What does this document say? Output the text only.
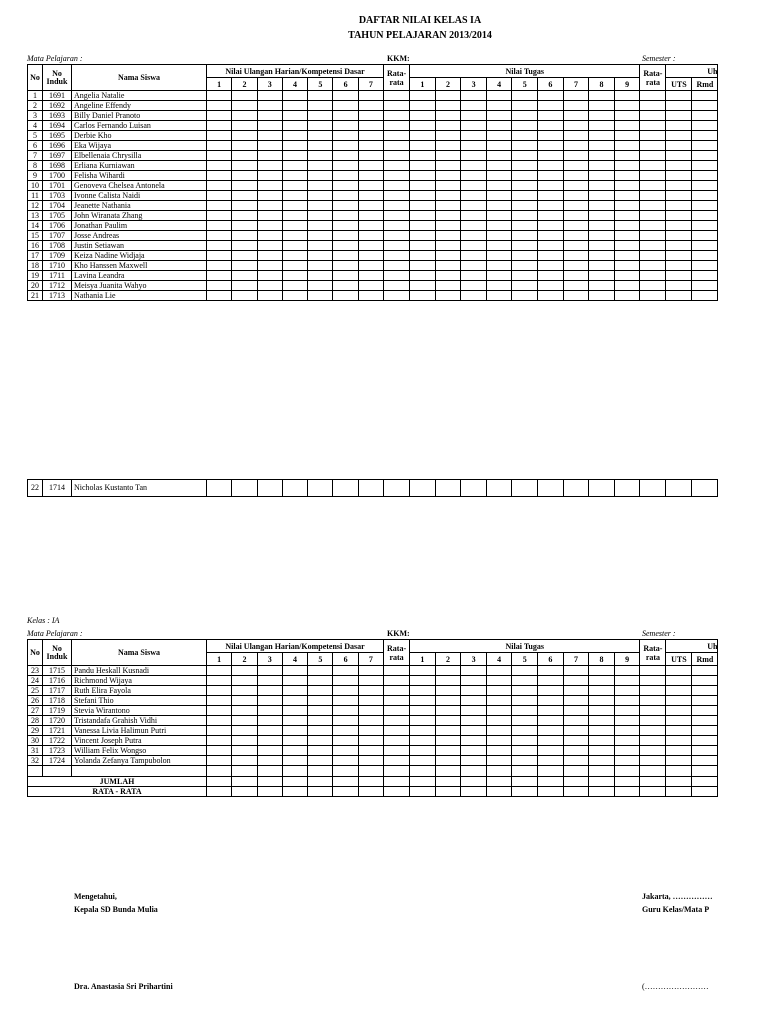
DAFTAR NILAI KELAS IA
TAHUN PELAJARAN 2013/2014
Mata Pelajaran :	KKM:	Semester :
No	No Induk	Nama Siswa	Nilai Ulangan Harian/Kompetensi Dasar							Rata-rata	Nilai Tugas									Rata-rata	Uh	
			1	2	3	4	5	6	7		1	2	3	4	5	6	7	8	9		UTS	Rmd
1	1691	Angelia Natalie																				
2	1692	Angeline Effendy																				
3	1693	Billy Daniel Pranoto																				
4	1694	Carlos Fernando Luisan																				
5	1695	Derbie Kho																				
6	1696	Eka Wijaya																				
7	1697	Elbellenaia Chrysilla																				
8	1698	Erliana Kurniawan																				
9	1700	Felisha Wihardi																				
10	1701	Genoveva Chelsea Antonela																				
11	1703	Ivonne Calista Naidi																				
12	1704	Jeanette Nathania																				
13	1705	John Wiranata Zhang																				
14	1706	Jonathan Paulim																				
15	1707	Josse Andreas																				
16	1708	Justin Setiawan																				
17	1709	Keiza Nadine Widjaja																				
18	1710	Kho Hanssen Maxwell																				
19	1711	Lavina Leandra																				
20	1712	Meisya Juanita Wahyo																				
21	1713	Nathania Lie																				
22	1714	Nicholas Kustanto Tan																				
Kelas : IA
Mata Pelajaran :	KKM:	Semester :
No	No Induk	Nama Siswa	Nilai Ulangan Harian/Kompetensi Dasar							Rata-rata	Nilai Tugas									Rata-rata	Uh	
			1	2	3	4	5	6	7		1	2	3	4	5	6	7	8	9		UTS	Rmd
23	1715	Pandu Heskall Kusnadi																				
24	1716	Richmond Wijaya																				
25	1717	Ruth Elira Fayola																				
26	1718	Stefani Thio																				
27	1719	Stevia Wirantono																				
28	1720	Tristandafa Grahish Vidhi																				
29	1721	Vanessa Livia Halimun Putri																				
30	1722	Vincent Joseph Putra																				
31	1723	William Felix Wongso																				
32	1724	Yolanda Zefanya Tampubolon																				

JUMLAH																						
RATA - RATA																						
Mengetahui,
Kepala SD Bunda Mulia
Jakarta, ……………
Guru Kelas/Mata P
Dra. Anastasia Sri Prihartini	(……………………
